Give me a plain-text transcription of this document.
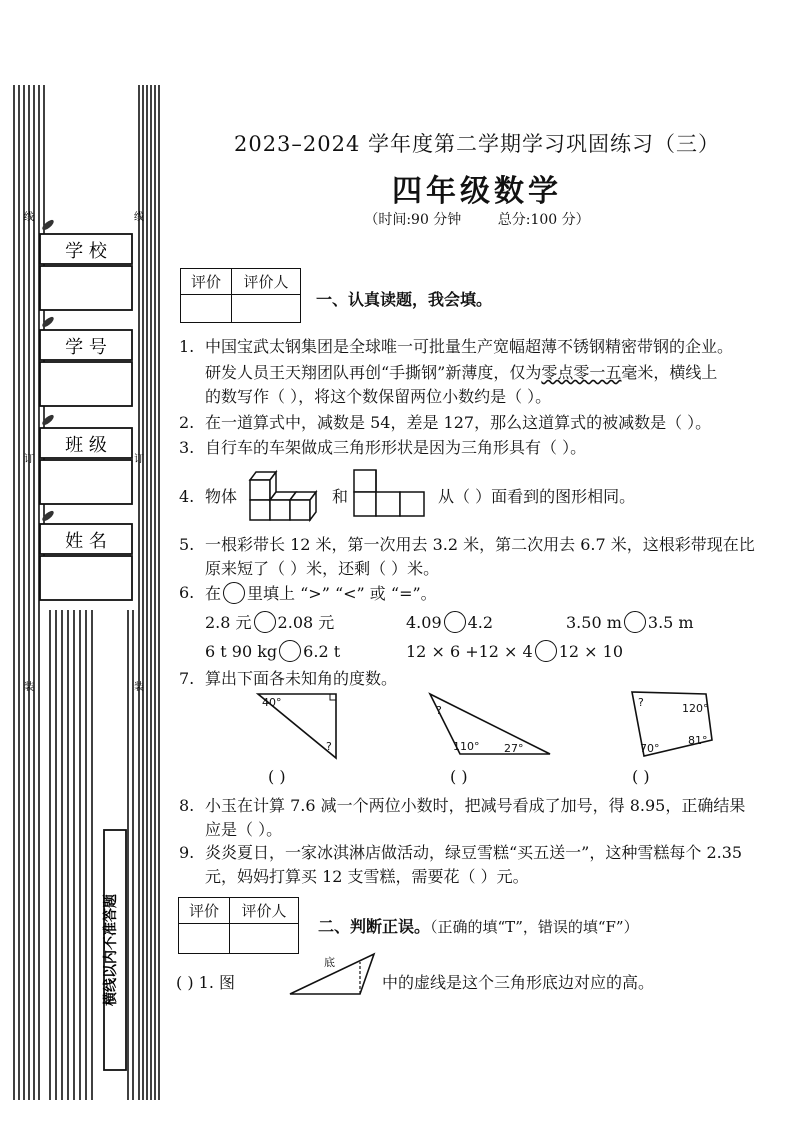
学 校
学 号
班 级
姓 名
线	线
订	订
装	装
横线以内不准答题
2023–2024 学年度第二学期学习巩固练习（三）
四年级数学
（时间:90 分钟	总分:100 分）
评价	评价人

一、认真读题，我会填。
1. 中国宝武太钢集团是全球唯一可批量生产宽幅超薄不锈钢精密带钢的企业。
研发人员王天翔团队再创“手撕钢”新薄度，仅为零点零一五毫米，横线上
的数写作（ ），将这个数保留两位小数约是（ ）。
2. 在一道算式中，减数是 54，差是 127，那么这道算式的被减数是（ ）。
3. 自行车的车架做成三角形形状是因为三角形具有（ ）。
4. 物体	和	从（ ）面看到的图形相同。
5. 一根彩带长 12 米，第一次用去 3.2 米，第二次用去 6.7 米，这根彩带现在比
原来短了（ ）米，还剩（ ）米。
6. 在 里填上 “>” “<” 或 “=”。
2.8 元 2.08 元	4.09 4.2	3.50 m 3.5 m
6 t 90 kg 6.2 t	12 × 6 +12 × 4 12 × 10
7. 算出下面各未知角的度数。
40°
?
?
110° 27°
?	120°
70°
81°
( )	( )	( )
8. 小玉在计算 7.6 减一个两位小数时，把减号看成了加号，得 8.95，正确结果
应是（ ）。
9. 炎炎夏日，一家冰淇淋店做活动，绿豆雪糕“买五送一”，这种雪糕每个 2.35
元，妈妈打算买 12 支雪糕，需要花（ ）元。
评价	评价人

二、判断正误。（正确的填“T”，错误的填“F”）
( ) 1. 图
底
中的虚线是这个三角形底边对应的高。
